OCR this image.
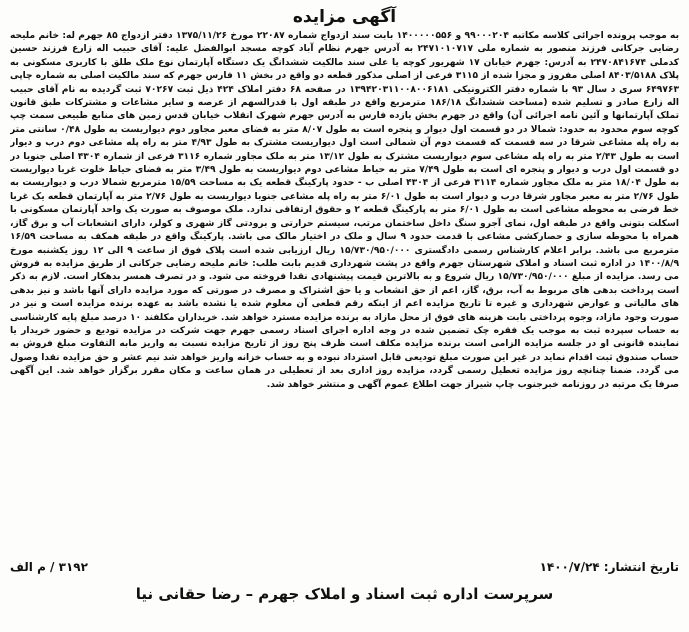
آگهی مزایده

به موجب پرونده اجرائی کلاسه مکاتبه ۹۹۰۰۰۲۰۴ و ۱۴۰۰۰۰۰۵۵۶ بابت سند ازدواج شماره ۲۲۰۸۷ مورخ ۱۳۷۵/۱۱/۲۶ دفتر ازدواج ۸۵ جهرم له: خانم ملیحه رضایی جرکانی فرزند منصور به شماره ملی ۲۴۷۱۰۱۰۷۱۷ به آدرس جهرم نظام آباد کوچه مسجد ابوالفضل علیه: آقای حبیب اله زارع فرزند حسین کدملی ۲۴۷۰۸۴۱۶۷۴ به آدرس: جهرم خیابان ۱۷ شهریور کوچه یا علی سند مالکیت ششدانگ یک دستگاه آپارتمان نوع ملک طلق با کاربری مسکونی به پلاک ۸۴۰۳/۵۱۸۸ اصلی مفروز و مجزا شده از ۳۱۱۵ فرعی از اصلی مذکور قطعه دو واقع در بخش ۱۱ فارس جهرم که سند مالکیت اصلی به شماره چاپی ۶۴۹۷۶۳ سری د سال ۹۳ با شماره دفتر الکترونیکی ۱۳۹۴۲۰۳۱۱۰۰۸۰۰۶۱۸۱ در صفحه ۶۸ دفتر املاک ۴۲۴ ذیل ثبت ۷۰۲۶۷ ثبت گردیده به نام آقای حبیب اله زارع صادر و تسلیم شده (مساحت ششدانگ ۱۸۶/۱۸ مترمربع واقع در طبقه اول با قدرالسهم از عرصه و سایر مشاعات و مشترکات طبق قانون تملک آپارتمانها و آئین نامه اجرائی آن) واقع در جهرم بخش یازده فارس به آدرس جهرم شهرک انقلاب خیابان قدس زمین های منابع طبیعی سمت چپ کوچه سوم محدود به حدود: شمالا در دو قسمت اول دیوار و پنجره است به طول ۸/۰۷ متر به فضای معبر مجاور دوم دیواریست به طول ۰/۴۸ سانتی متر به راه پله مشاعی شرقا در سه قسمت که قسمت دوم آن شمالی است اول دیواریست مشترک به طول ۴/۹۳ متر به راه پله مشاعی دوم درب و دیوار است به طول ۲/۴۳ متر به راه پله مشاعی سوم دیواریست مشترک به طول ۱۳/۱۲ متر به ملک مجاور شماره ۳۱۱۶ فرعی از شماره ۴۳۰۴ اصلی جنوبا در دو قسمت اول درب و دیوار و پنجره ای است به طول ۷/۴۹ متر به حیاط مشاعی دوم دیواریست به طول ۳/۴۹ متر به فضای حیاط خلوت غربا دیواریست به طول ۱۸/۰۴ متر به ملک مجاور شماره ۳۱۱۴ فرعی از ۴۳۰۴ اصلی ب - حدود پارکینگ قطعه یک به مساحت ۱۵/۵۹ مترمربع شمالا درب و دیواریست به طول ۲/۷۶ متر به معبر مجاور شرقا درب و دیوار است به طول ۶/۰۱ متر به راه پله مشاعی جنوبا دیواریست به طول ۲/۷۶ متر به آپارتمان قطعه یک غربا خط فرضی به محوطه مشاعی است به طول ۶/۰۱ متر به پارکینگ قطعه ۲ و حقوق ارتفاقی ندارد. ملک موصوف به صورت یک واحد آپارتمان مسکونی با اسکلت بتونی واقع در طبقه اول، نمای آجرو سنگ داخل ساختمان مرتب، سیستم حرارتی و برودتی گاز شهری و کولر، دارای انشعابات آب و برق گاز، همراه با محوطه سازی و حصارکشی مشاعی با قدمت حدود ۹ سال و ملک در اختیار مالک می باشد. پارکینگ واقع در طبقه همکف به مساحت ۱۶/۵۹ مترمربع می باشد. برابر اعلام کارشناس رسمی دادگستری ۱۵/۷۳۰/۹۵۰/۰۰۰ ریال ارزیابی شده است پلاک فوق از ساعت ۹ الی ۱۲ روز یکشنبه مورخ ۱۴۰۰/۸/۹ در اداره ثبت اسناد و املاک شهرستان جهرم واقع در پشت شهرداری قدیم بابت طلب: خانم ملیحه رضایی جرکانی از طریق مزایده به فروش می رسد. مزایده از مبلغ ۱۵/۷۳۰/۹۵۰/۰۰۰ ریال شروع و به بالاترین قیمت پیشنهادی نقدا فروخته می شود. و در تصرف همسر بدهکار است. لازم به ذکر است پرداخت بدهی های مربوط به آب، برق، گاز، اعم از حق انشعاب و یا حق اشتراک و مصرف در صورتی که مورد مزایده دارای آنها باشد و نیز بدهی های مالیاتی و عوارض شهرداری و غیره تا تاریخ مزایده اعم از اینکه رقم قطعی آن معلوم شده یا نشده باشد به عهده برنده مزایده است و نیز در صورت وجود مازاد، وجوه پرداختی بابت هزینه های فوق از محل مازاد به برنده مزایده مسترد خواهد شد. خریداران مکلفند ۱۰ درصد مبلغ پایه کارشناسی به حساب سپرده ثبت به موجب یک فقره چک تضمین شده در وجه اداره اجرای اسناد رسمی جهرم جهت شرکت در مزایده تودیع و حضور خریدار یا نماینده قانونی او در جلسه مزایده الزامی است برنده مزایده مکلف است ظرف پنج روز از تاریخ مزایده نسبت به واریز مابه التفاوت مبلغ فروش به حساب صندوق ثبت اقدام نماید در غیر این صورت مبلغ تودیعی قابل استرداد نبوده و به حساب خزانه واریز خواهد شد نیم عشر و حق مزایده نقدا وصول می گردد. ضمنا چنانچه روز مزایده تعطیل رسمی گردد، مزایده روز اداری بعد از تعطیلی در همان ساعت و مکان مقرر برگزار خواهد شد. این آگهی صرفا یک مرتبه در روزنامه خبرجنوب چاپ شیراز جهت اطلاع عموم آگهی و منتشر خواهد شد.

تاریخ انتشار: ۱۴۰۰/۷/۲۴
۳۱۹۲ / م الف
سرپرست اداره ثبت اسناد و املاک جهرم – رضا حقانی نیا
